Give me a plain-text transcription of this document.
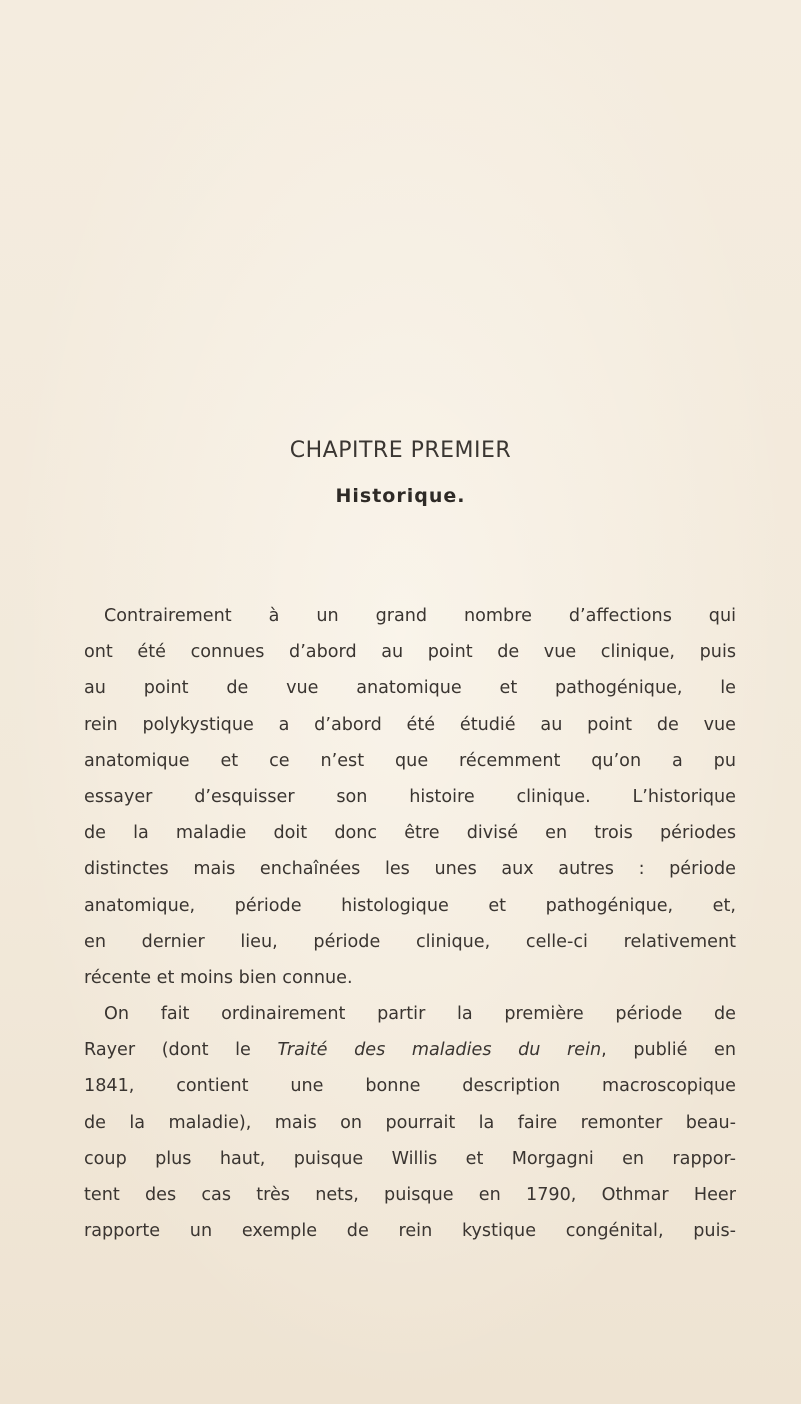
CHAPITRE PREMIER
Historique.
Contrairement à un grand nombre d’affections qui
ont été connues d’abord au point de vue clinique, puis
au point de vue anatomique et pathogénique, le
rein polykystique a d’abord été étudié au point de vue
anatomique et ce n’est que récemment qu’on a pu
essayer d’esquisser son histoire clinique. L’historique
de la maladie doit donc être divisé en trois périodes
distinctes mais enchaînées les unes aux autres : période
anatomique, période histologique et pathogénique, et,
en dernier lieu, période clinique, celle-ci relativement
récente et moins bien connue.
On fait ordinairement partir la première période de
Rayer (dont le Traité des maladies du rein, publié en
1841, contient une bonne description macroscopique
de la maladie), mais on pourrait la faire remonter beau-
coup plus haut, puisque Willis et Morgagni en rappor-
tent des cas très nets, puisque en 1790, Othmar Heer
rapporte un exemple de rein kystique congénital, puis-
